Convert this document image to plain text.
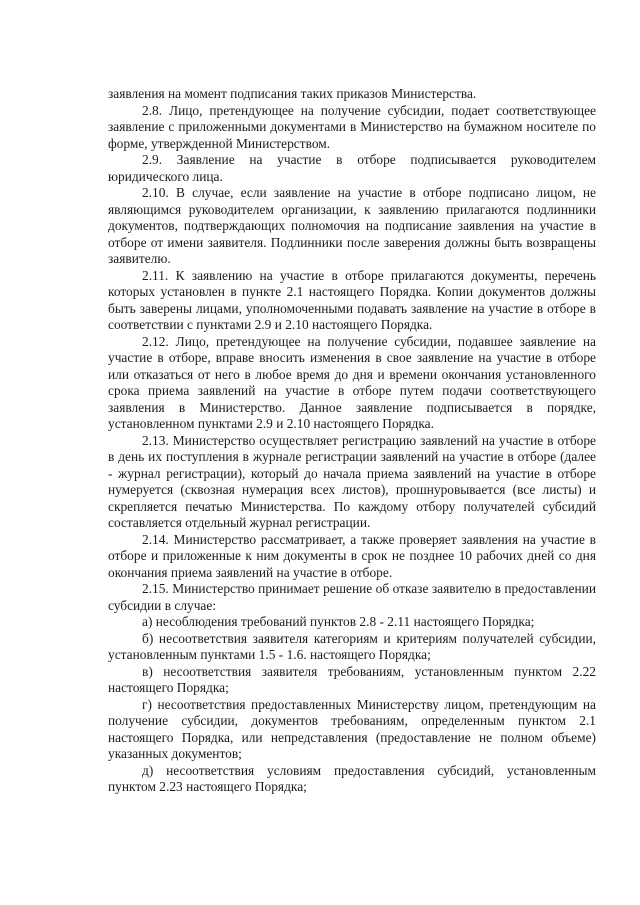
заявления на момент подписания таких приказов Министерства.

2.8. Лицо, претендующее на получение субсидии, подает соответствующее заявление с приложенными документами в Министерство на бумажном носителе по форме, утвержденной Министерством.

2.9. Заявление на участие в отборе подписывается руководителем юридического лица.

2.10. В случае, если заявление на участие в отборе подписано лицом, не являющимся руководителем организации, к заявлению прилагаются подлинники документов, подтверждающих полномочия на подписание заявления на участие в отборе от имени заявителя. Подлинники после заверения должны быть возвращены заявителю.

2.11. К заявлению на участие в отборе прилагаются документы, перечень которых установлен в пункте 2.1 настоящего Порядка. Копии документов должны быть заверены лицами, уполномоченными подавать заявление на участие в отборе в соответствии с пунктами 2.9 и 2.10 настоящего Порядка.

2.12. Лицо, претендующее на получение субсидии, подавшее заявление на участие в отборе, вправе вносить изменения в свое заявление на участие в отборе или отказаться от него в любое время до дня и времени окончания установленного срока приема заявлений на участие в отборе путем подачи соответствующего заявления в Министерство. Данное заявление подписывается в порядке, установленном пунктами 2.9 и 2.10 настоящего Порядка.

2.13. Министерство осуществляет регистрацию заявлений на участие в отборе в день их поступления в журнале регистрации заявлений на участие в отборе (далее - журнал регистрации), который до начала приема заявлений на участие в отборе нумеруется (сквозная нумерация всех листов), прошнуровывается (все листы) и скрепляется печатью Министерства. По каждому отбору получателей субсидий составляется отдельный журнал регистрации.

2.14. Министерство рассматривает, а также проверяет заявления на участие в отборе и приложенные к ним документы в срок не позднее 10 рабочих дней со дня окончания приема заявлений на участие в отборе.

2.15. Министерство принимает решение об отказе заявителю в предоставлении субсидии в случае:

а) несоблюдения требований пунктов 2.8 - 2.11 настоящего Порядка;

б) несоответствия заявителя категориям и критериям получателей субсидии, установленным пунктами 1.5 - 1.6. настоящего Порядка;

в) несоответствия заявителя требованиям, установленным пунктом 2.22 настоящего Порядка;

г) несоответствия предоставленных Министерству лицом, претендующим на получение субсидии, документов требованиям, определенным пунктом 2.1 настоящего Порядка, или непредставления (предоставление не полном объеме) указанных документов;

д) несоответствия условиям предоставления субсидий, установленным пунктом 2.23 настоящего Порядка;
